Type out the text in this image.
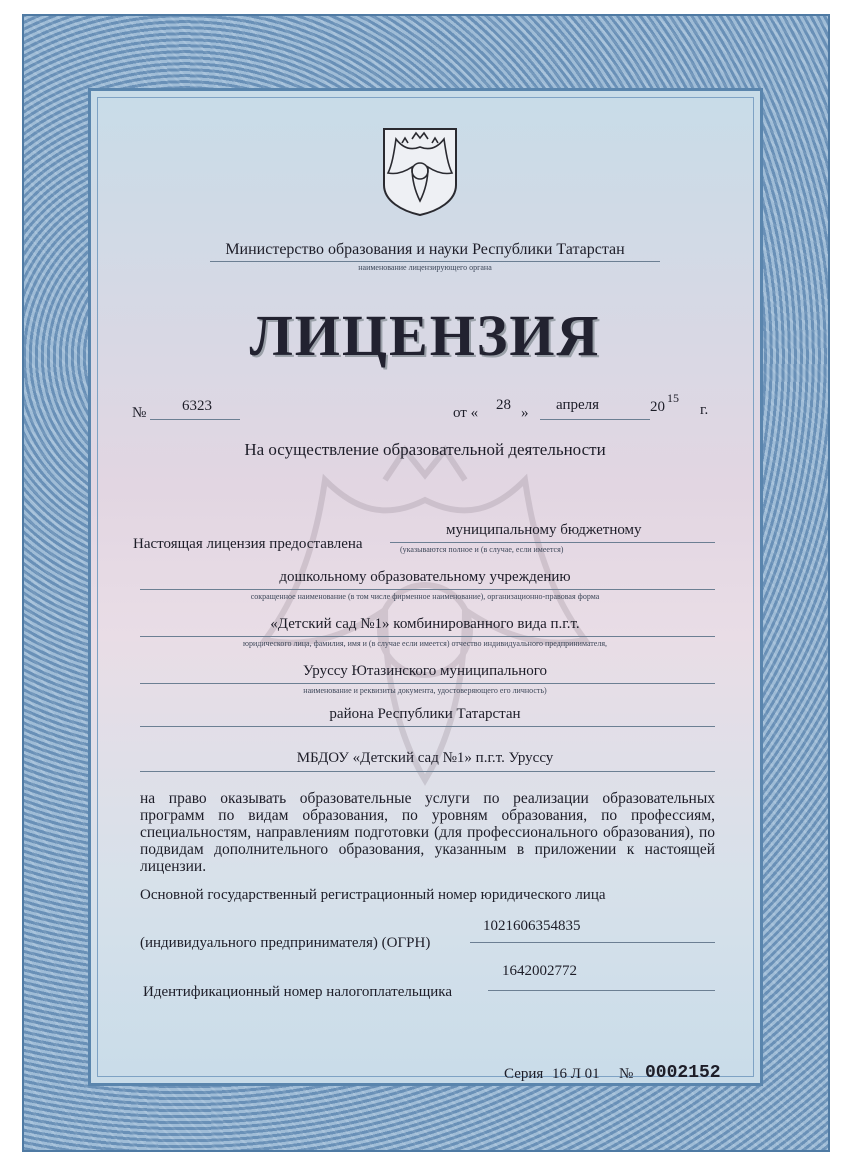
Министерство образования и науки Республики Татарстан
наименование лицензирующего органа
ЛИЦЕНЗИЯ
№ 6323	от « 28 » апреля	20
15
г.
На осуществление образовательной деятельности
Настоящая лицензия предоставлена
муниципальному бюджетному
(указываются полное и (в случае, если имеется)
дошкольному образовательному учреждению
сокращенное наименование (в том числе фирменное наименование), организационно-правовая форма
«Детский сад №1» комбинированного вида п.г.т.
юридического лица, фамилия, имя и (в случае если имеется) отчество индивидуального предпринимателя,
Уруссу Ютазинского муниципального
наименование и реквизиты документа, удостоверяющего его личность)
района Республики Татарстан
МБДОУ «Детский сад №1» п.г.т. Уруссу
на право оказывать образовательные услуги по реализации образовательных программ по видам образования, по уровням образования, по профессиям, специальностям, направлениям подготовки (для профессионального образования), по подвидам дополнительного образования, указанным в приложении к настоящей лицензии.
Основной государственный регистрационный номер юридического лица
(индивидуального предпринимателя) (ОГРН)
1021606354835
Идентификационный номер налогоплательщика
1642002772
Серия 16 Л 01 № 0002152
